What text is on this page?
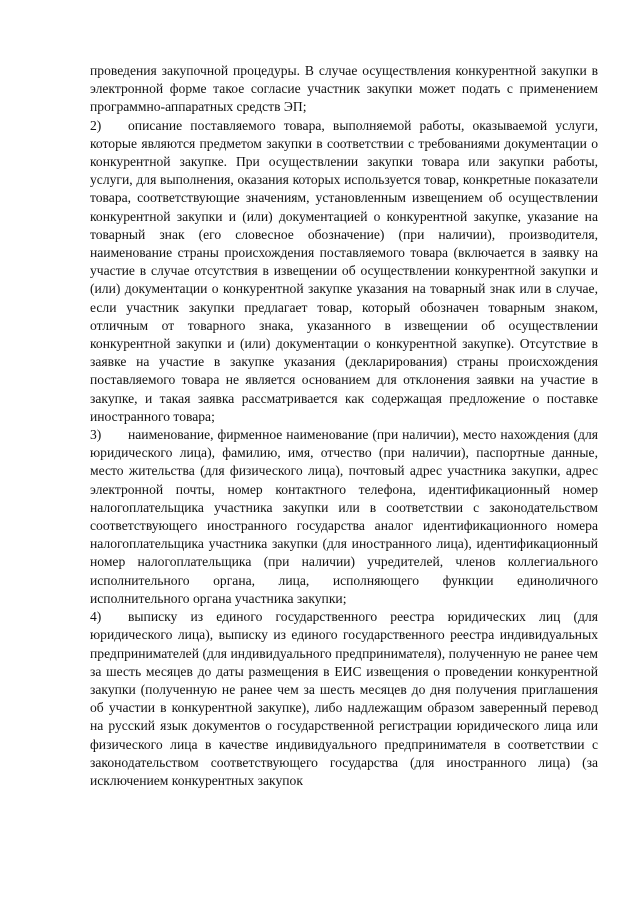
проведения закупочной процедуры. В случае осуществления конкурентной закупки в электронной форме такое согласие участник закупки может подать с применением программно-аппаратных средств ЭП;

2) описание поставляемого товара, выполняемой работы, оказываемой услуги, которые являются предметом закупки в соответствии с требованиями документации о конкурентной закупке. При осуществлении закупки товара или закупки работы, услуги, для выполнения, оказания которых используется товар, конкретные показатели товара, соответствующие значениям, установленным извещением об осуществлении конкурентной закупки и (или) документацией о конкурентной закупке, указание на товарный знак (его словесное обозначение) (при наличии), производителя, наименование страны происхождения поставляемого товара (включается в заявку на участие в случае отсутствия в извещении об осуществлении конкурентной закупки и (или) документации о конкурентной закупке указания на товарный знак или в случае, если участник закупки предлагает товар, который обозначен товарным знаком, отличным от товарного знака, указанного в извещении об осуществлении конкурентной закупки и (или) документации о конкурентной закупке). Отсутствие в заявке на участие в закупке указания (декларирования) страны происхождения поставляемого товара не является основанием для отклонения заявки на участие в закупке, и такая заявка рассматривается как содержащая предложение о поставке иностранного товара;

3) наименование, фирменное наименование (при наличии), место нахождения (для юридического лица), фамилию, имя, отчество (при наличии), паспортные данные, место жительства (для физического лица), почтовый адрес участника закупки, адрес электронной почты, номер контактного телефона, идентификационный номер налогоплательщика участника закупки или в соответствии с законодательством соответствующего иностранного государства аналог идентификационного номера налогоплательщика участника закупки (для иностранного лица), идентификационный номер налогоплательщика (при наличии) учредителей, членов коллегиального исполнительного органа, лица, исполняющего функции единоличного исполнительного органа участника закупки;

4) выписку из единого государственного реестра юридических лиц (для юридического лица), выписку из единого государственного реестра индивидуальных предпринимателей (для индивидуального предпринимателя), полученную не ранее чем за шесть месяцев до даты размещения в ЕИС извещения о проведении конкурентной закупки (полученную не ранее чем за шесть месяцев до дня получения приглашения об участии в конкурентной закупке), либо надлежащим образом заверенный перевод на русский язык документов о государственной регистрации юридического лица или физического лица в качестве индивидуального предпринимателя в соответствии с законодательством соответствующего государства (для иностранного лица) (за исключением конкурентных закупок
